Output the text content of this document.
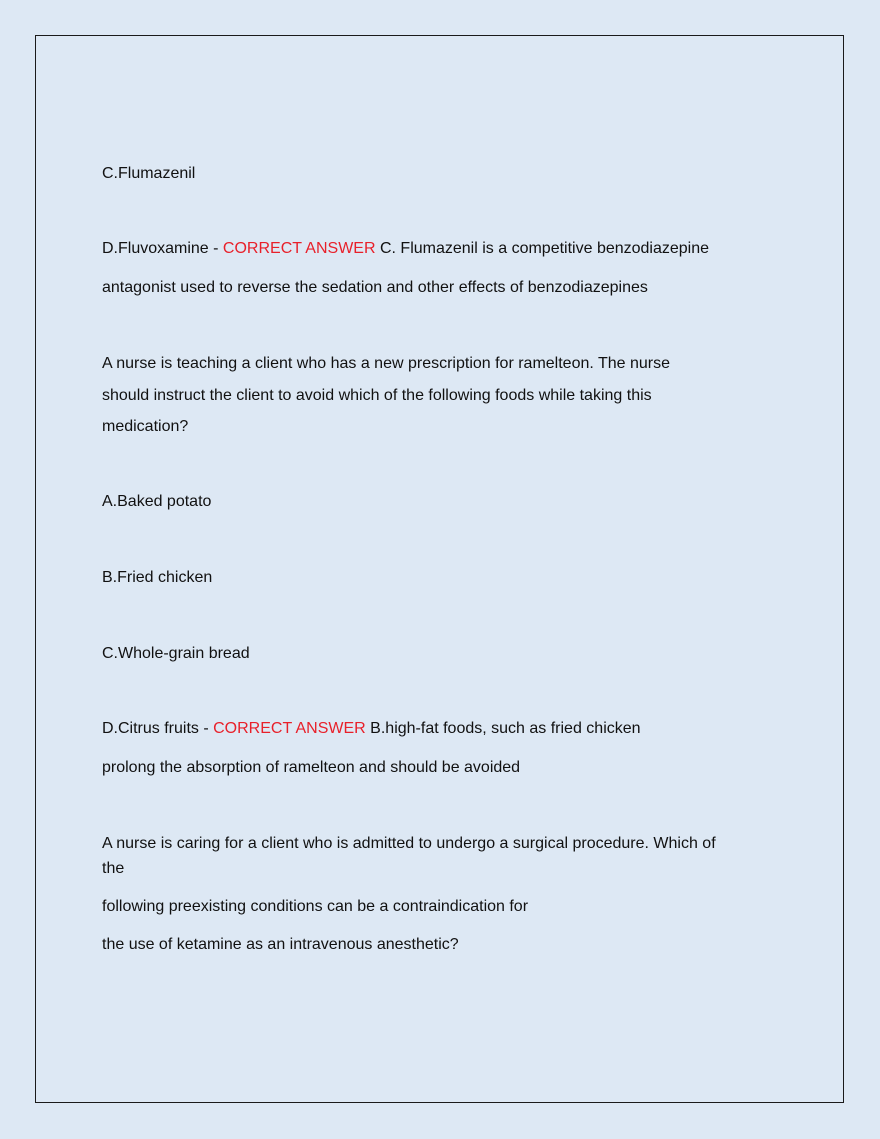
C.Flumazenil

D.Fluvoxamine - CORRECT ANSWER C. Flumazenil is a competitive benzodiazepine

antagonist used to reverse the sedation and other effects of benzodiazepines

A nurse is teaching a client who has a new prescription for ramelteon. The nurse

should instruct the client to avoid which of the following foods while taking this

medication?

A.Baked potato

B.Fried chicken

C.Whole-grain bread

D.Citrus fruits - CORRECT ANSWER B.high-fat foods, such as fried chicken

prolong the absorption of ramelteon and should be avoided

A nurse is caring for a client who is admitted to undergo a surgical procedure. Which of

the

following preexisting conditions can be a contraindication for

the use of ketamine as an intravenous anesthetic?
